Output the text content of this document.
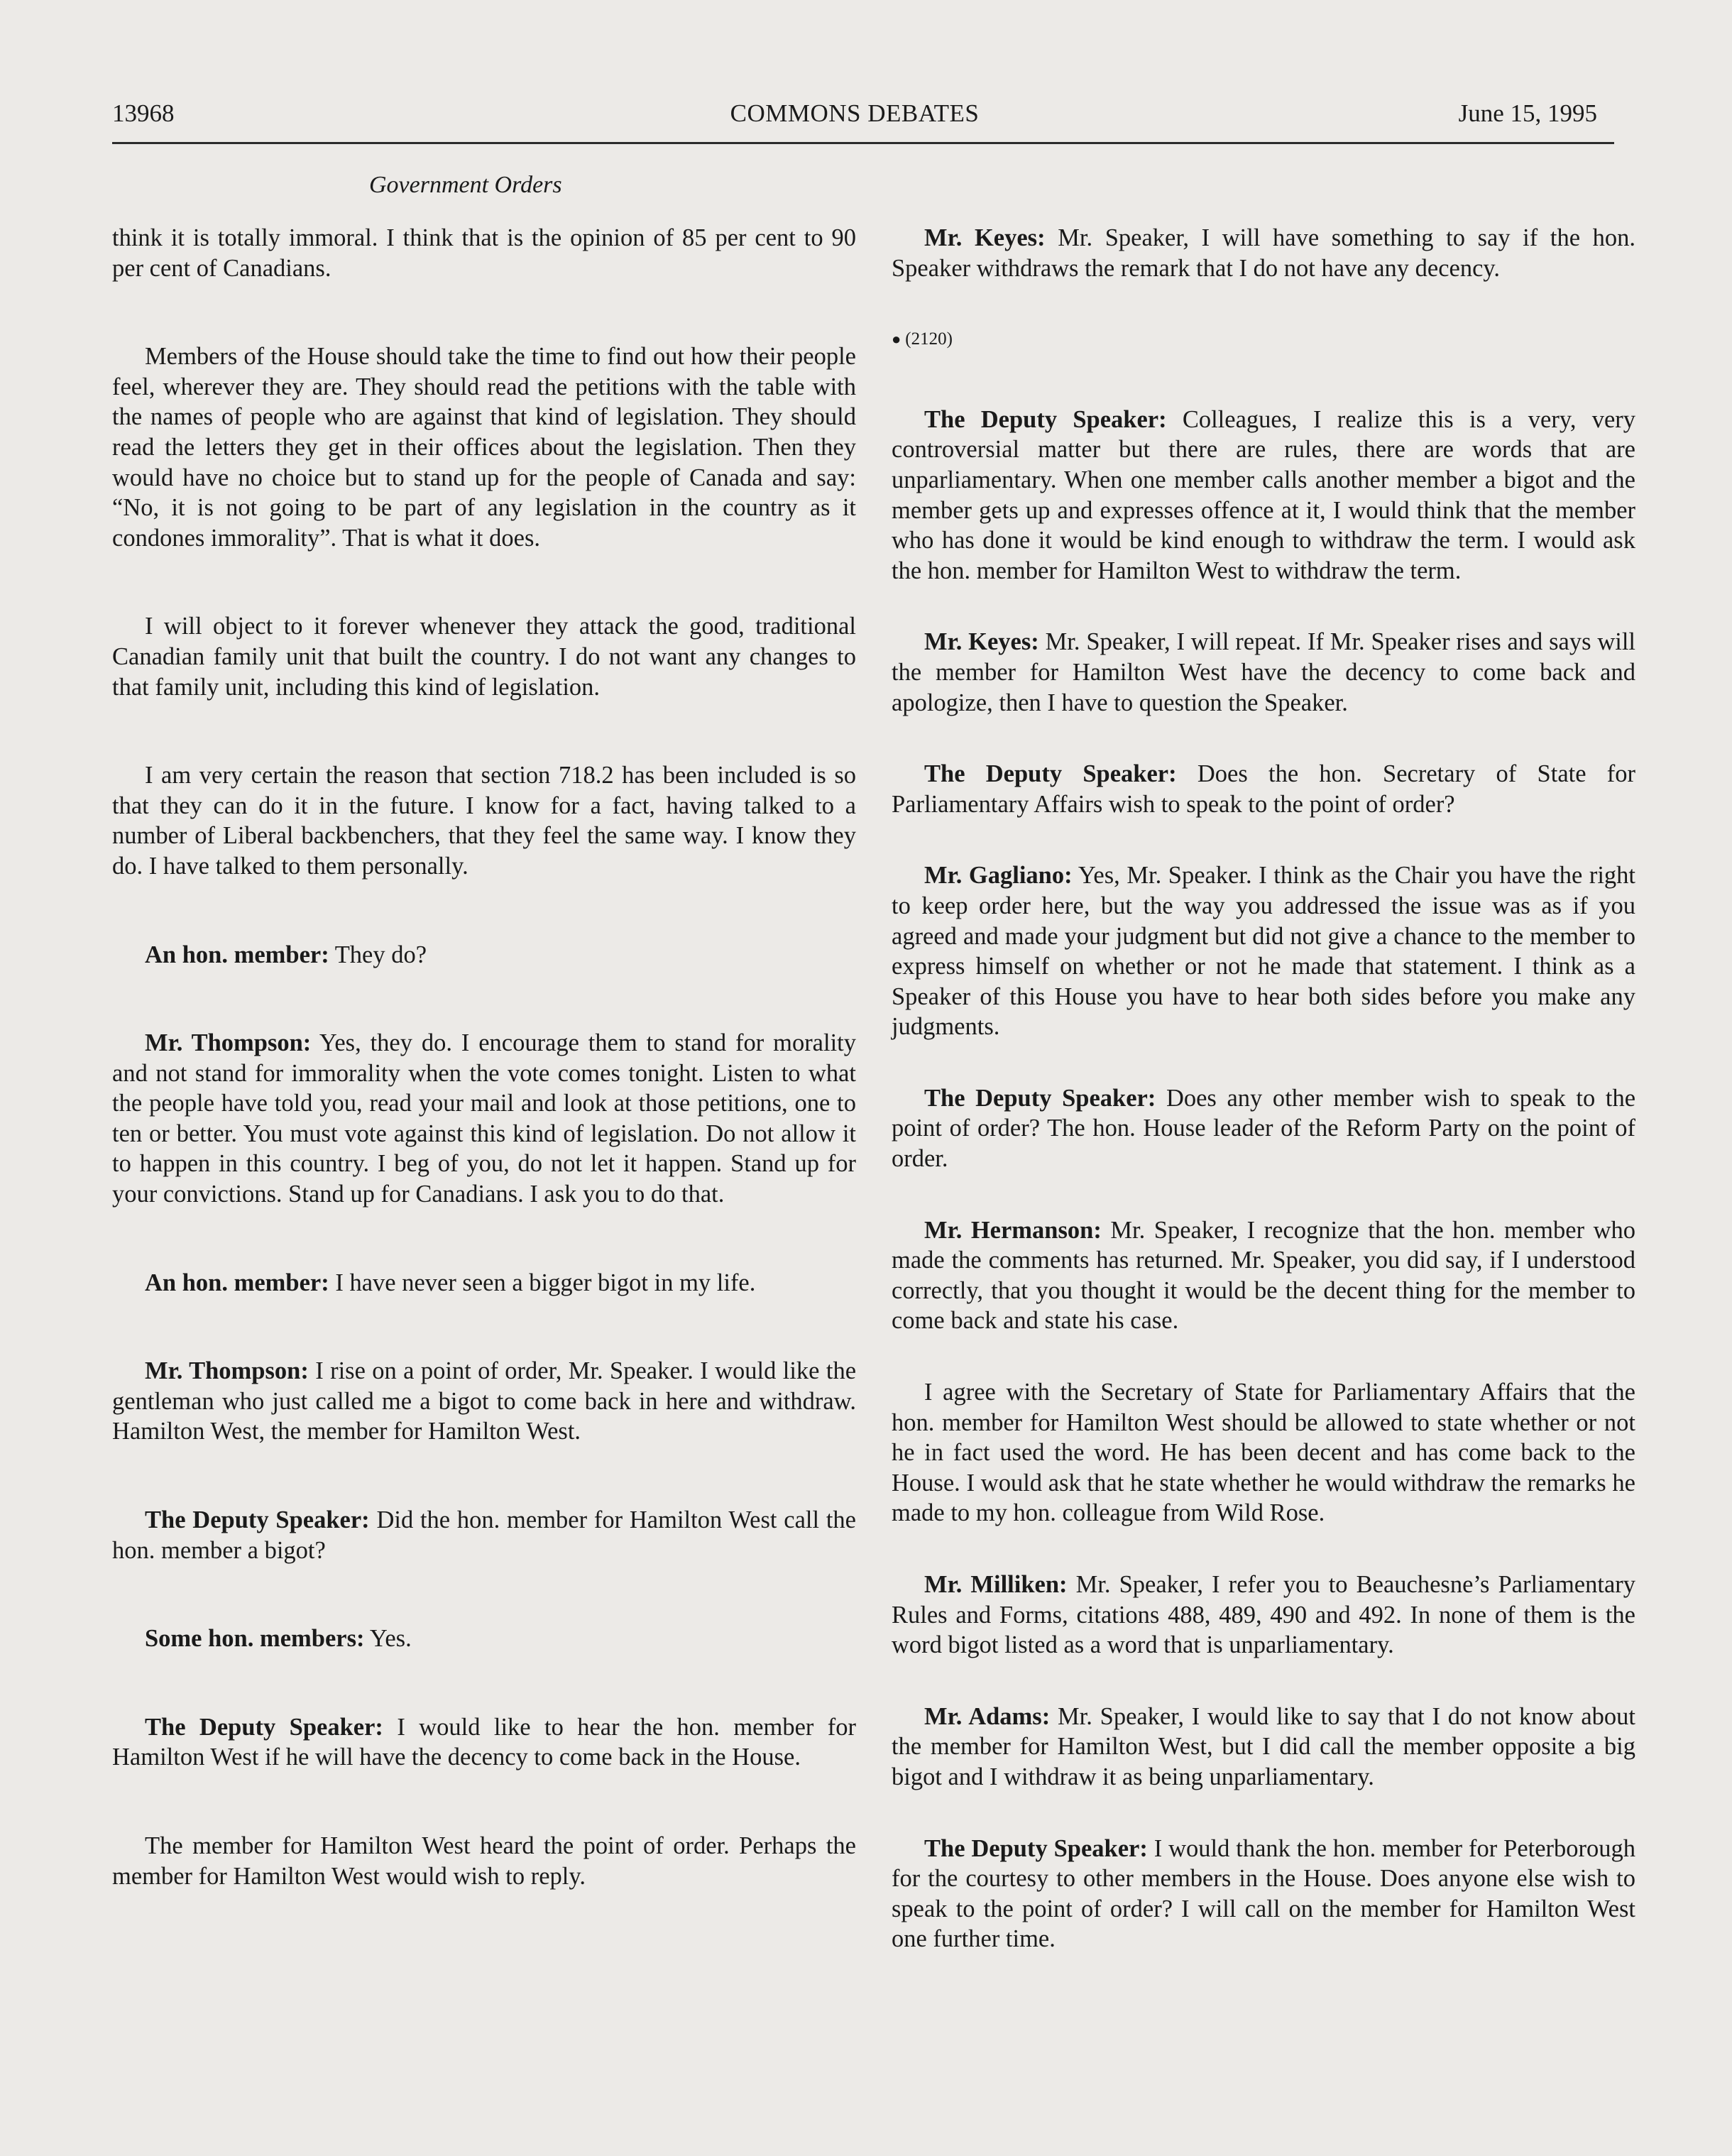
13968	COMMONS DEBATES	June 15, 1995
Government Orders

think it is totally immoral. I think that is the opinion of 85 per cent to 90 per cent of Canadians.

Members of the House should take the time to find out how their people feel, wherever they are. They should read the petitions with the table with the names of people who are against that kind of legislation. They should read the letters they get in their offices about the legislation. Then they would have no choice but to stand up for the people of Canada and say: “No, it is not going to be part of any legislation in the country as it condones immorality”. That is what it does.

I will object to it forever whenever they attack the good, traditional Canadian family unit that built the country. I do not want any changes to that family unit, including this kind of legislation.

I am very certain the reason that section 718.2 has been included is so that they can do it in the future. I know for a fact, having talked to a number of Liberal backbenchers, that they feel the same way. I know they do. I have talked to them personally.

An hon. member: They do?

Mr. Thompson: Yes, they do. I encourage them to stand for morality and not stand for immorality when the vote comes tonight. Listen to what the people have told you, read your mail and look at those petitions, one to ten or better. You must vote against this kind of legislation. Do not allow it to happen in this country. I beg of you, do not let it happen. Stand up for your convictions. Stand up for Canadians. I ask you to do that.

An hon. member: I have never seen a bigger bigot in my life.

Mr. Thompson: I rise on a point of order, Mr. Speaker. I would like the gentleman who just called me a bigot to come back in here and withdraw. Hamilton West, the member for Hamilton West.

The Deputy Speaker: Did the hon. member for Hamilton West call the hon. member a bigot?

Some hon. members: Yes.

The Deputy Speaker: I would like to hear the hon. member for Hamilton West if he will have the decency to come back in the House.

The member for Hamilton West heard the point of order. Perhaps the member for Hamilton West would wish to reply.

Mr. Keyes: Mr. Speaker, I will have something to say if the hon. Speaker withdraws the remark that I do not have any decency.

● (2120)

The Deputy Speaker: Colleagues, I realize this is a very, very controversial matter but there are rules, there are words that are unparliamentary. When one member calls another member a bigot and the member gets up and expresses offence at it, I would think that the member who has done it would be kind enough to withdraw the term. I would ask the hon. member for Hamilton West to withdraw the term.

Mr. Keyes: Mr. Speaker, I will repeat. If Mr. Speaker rises and says will the member for Hamilton West have the decency to come back and apologize, then I have to question the Speaker.

The Deputy Speaker: Does the hon. Secretary of State for Parliamentary Affairs wish to speak to the point of order?

Mr. Gagliano: Yes, Mr. Speaker. I think as the Chair you have the right to keep order here, but the way you addressed the issue was as if you agreed and made your judgment but did not give a chance to the member to express himself on whether or not he made that statement. I think as a Speaker of this House you have to hear both sides before you make any judgments.

The Deputy Speaker: Does any other member wish to speak to the point of order? The hon. House leader of the Reform Party on the point of order.

Mr. Hermanson: Mr. Speaker, I recognize that the hon. member who made the comments has returned. Mr. Speaker, you did say, if I understood correctly, that you thought it would be the decent thing for the member to come back and state his case.

I agree with the Secretary of State for Parliamentary Affairs that the hon. member for Hamilton West should be allowed to state whether or not he in fact used the word. He has been decent and has come back to the House. I would ask that he state whether he would withdraw the remarks he made to my hon. colleague from Wild Rose.

Mr. Milliken: Mr. Speaker, I refer you to Beauchesne’s Parliamentary Rules and Forms, citations 488, 489, 490 and 492. In none of them is the word bigot listed as a word that is unparliamentary.

Mr. Adams: Mr. Speaker, I would like to say that I do not know about the member for Hamilton West, but I did call the member opposite a big bigot and I withdraw it as being unparliamentary.

The Deputy Speaker: I would thank the hon. member for Peterborough for the courtesy to other members in the House. Does anyone else wish to speak to the point of order? I will call on the member for Hamilton West one further time.
